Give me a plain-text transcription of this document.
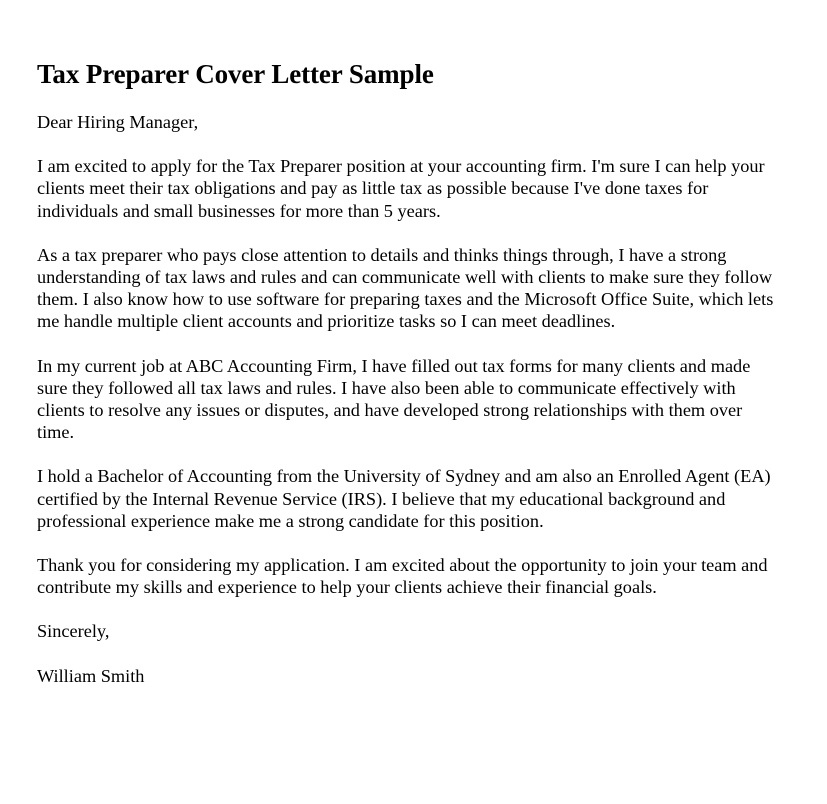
Tax Preparer Cover Letter Sample

Dear Hiring Manager,

I am excited to apply for the Tax Preparer position at your accounting firm. I'm sure I can help your clients meet their tax obligations and pay as little tax as possible because I've done taxes for individuals and small businesses for more than 5 years.

As a tax preparer who pays close attention to details and thinks things through, I have a strong understanding of tax laws and rules and can communicate well with clients to make sure they follow them. I also know how to use software for preparing taxes and the Microsoft Office Suite, which lets me handle multiple client accounts and prioritize tasks so I can meet deadlines.

In my current job at ABC Accounting Firm, I have filled out tax forms for many clients and made sure they followed all tax laws and rules. I have also been able to communicate effectively with clients to resolve any issues or disputes, and have developed strong relationships with them over time.

I hold a Bachelor of Accounting from the University of Sydney and am also an Enrolled Agent (EA) certified by the Internal Revenue Service (IRS). I believe that my educational background and professional experience make me a strong candidate for this position.

Thank you for considering my application. I am excited about the opportunity to join your team and contribute my skills and experience to help your clients achieve their financial goals.

Sincerely,

William Smith
